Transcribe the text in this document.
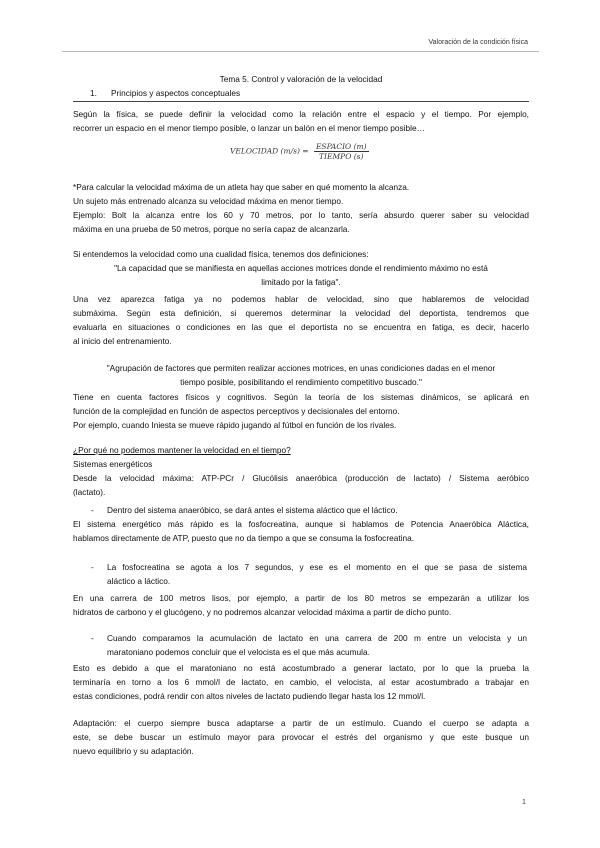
Valoración de la condición física
Tema 5. Control y valoración de la velocidad
1.	Principios y aspectos conceptuales
Según la física, se puede definir la velocidad como la relación entre el espacio y el tiempo. Por ejemplo,
recorrer un espacio en el menor tiempo posible, o lanzar un balón en el menor tiempo posible…
VELOCIDAD $(m/s) = \frac{\text{ESPACIO (m)}}{\text{TIEMPO (s)}}$
*Para calcular la velocidad máxima de un atleta hay que saber en qué momento la alcanza.
Un sujeto más entrenado alcanza su velocidad máxima en menor tiempo.
Ejemplo: Bolt la alcanza entre los 60 y 70 metros, por lo tanto, sería absurdo querer saber su velocidad
máxima en una prueba de 50 metros, porque no sería capaz de alcanzarla.
Si entendemos la velocidad como una cualidad física, tenemos dos definiciones:
"La capacidad que se manifiesta en aquellas acciones motrices donde el rendimiento máximo no está
limitado por la fatiga".
Una vez aparezca fatiga ya no podemos hablar de velocidad, sino que hablaremos de velocidad
submáxima. Según esta definición, si queremos determinar la velocidad del deportista, tendremos que
evaluarla en situaciones o condiciones en las que el deportista no se encuentra en fatiga, es decir, hacerlo
al inicio del entrenamiento.
"Agrupación de factores que permiten realizar acciones motrices, en unas condiciones dadas en el menor
tiempo posible, posibilitando el rendimiento competitivo buscado."
Tiene en cuenta factores físicos y cognitivos. Según la teoría de los sistemas dinámicos, se aplicará en
función de la complejidad en función de aspectos perceptivos y decisionales del entorno.
Por ejemplo, cuando Iniesta se mueve rápido jugando al fútbol en función de los rivales.
¿Por qué no podemos mantener la velocidad en el tiempo?
Sistemas energéticos
Desde la velocidad máxima: ATP-PCr / Glucólisis anaeróbica (producción de lactato) / Sistema aeróbico
(lactato).
-	Dentro del sistema anaeróbico, se dará antes el sistema aláctico que el láctico.
El sistema energético más rápido es la fosfocreatina, aunque si hablamos de Potencia Anaeróbica Aláctica,
hablamos directamente de ATP, puesto que no da tiempo a que se consuma la fosfocreatina.
-	La fosfocreatina se agota a los 7 segundos, y ese es el momento en el que se pasa de sistema
aláctico a láctico.
En una carrera de 100 metros lisos, por ejemplo, a partir de los 80 metros se empezarán a utilizar los
hidratos de carbono y el glucógeno, y no podremos alcanzar velocidad máxima a partir de dicho punto.
-	Cuando comparamos la acumulación de lactato en una carrera de 200 m entre un velocista y un
maratoniano podemos concluir que el velocista es el que más acumula.
Esto es debido a que el maratoniano no está acostumbrado a generar lactato, por lo que la prueba la
terminaría en torno a los 6 mmol/l de lactato, en cambio, el velocista, al estar acostumbrado a trabajar en
estas condiciones, podrá rendir con altos niveles de lactato pudiendo llegar hasta los 12 mmol/l.
Adaptación: el cuerpo siempre busca adaptarse a partir de un estímulo. Cuando el cuerpo se adapta a
este, se debe buscar un estímulo mayor para provocar el estrés del organismo y que este busque un
nuevo equilibrio y su adaptación.
1
